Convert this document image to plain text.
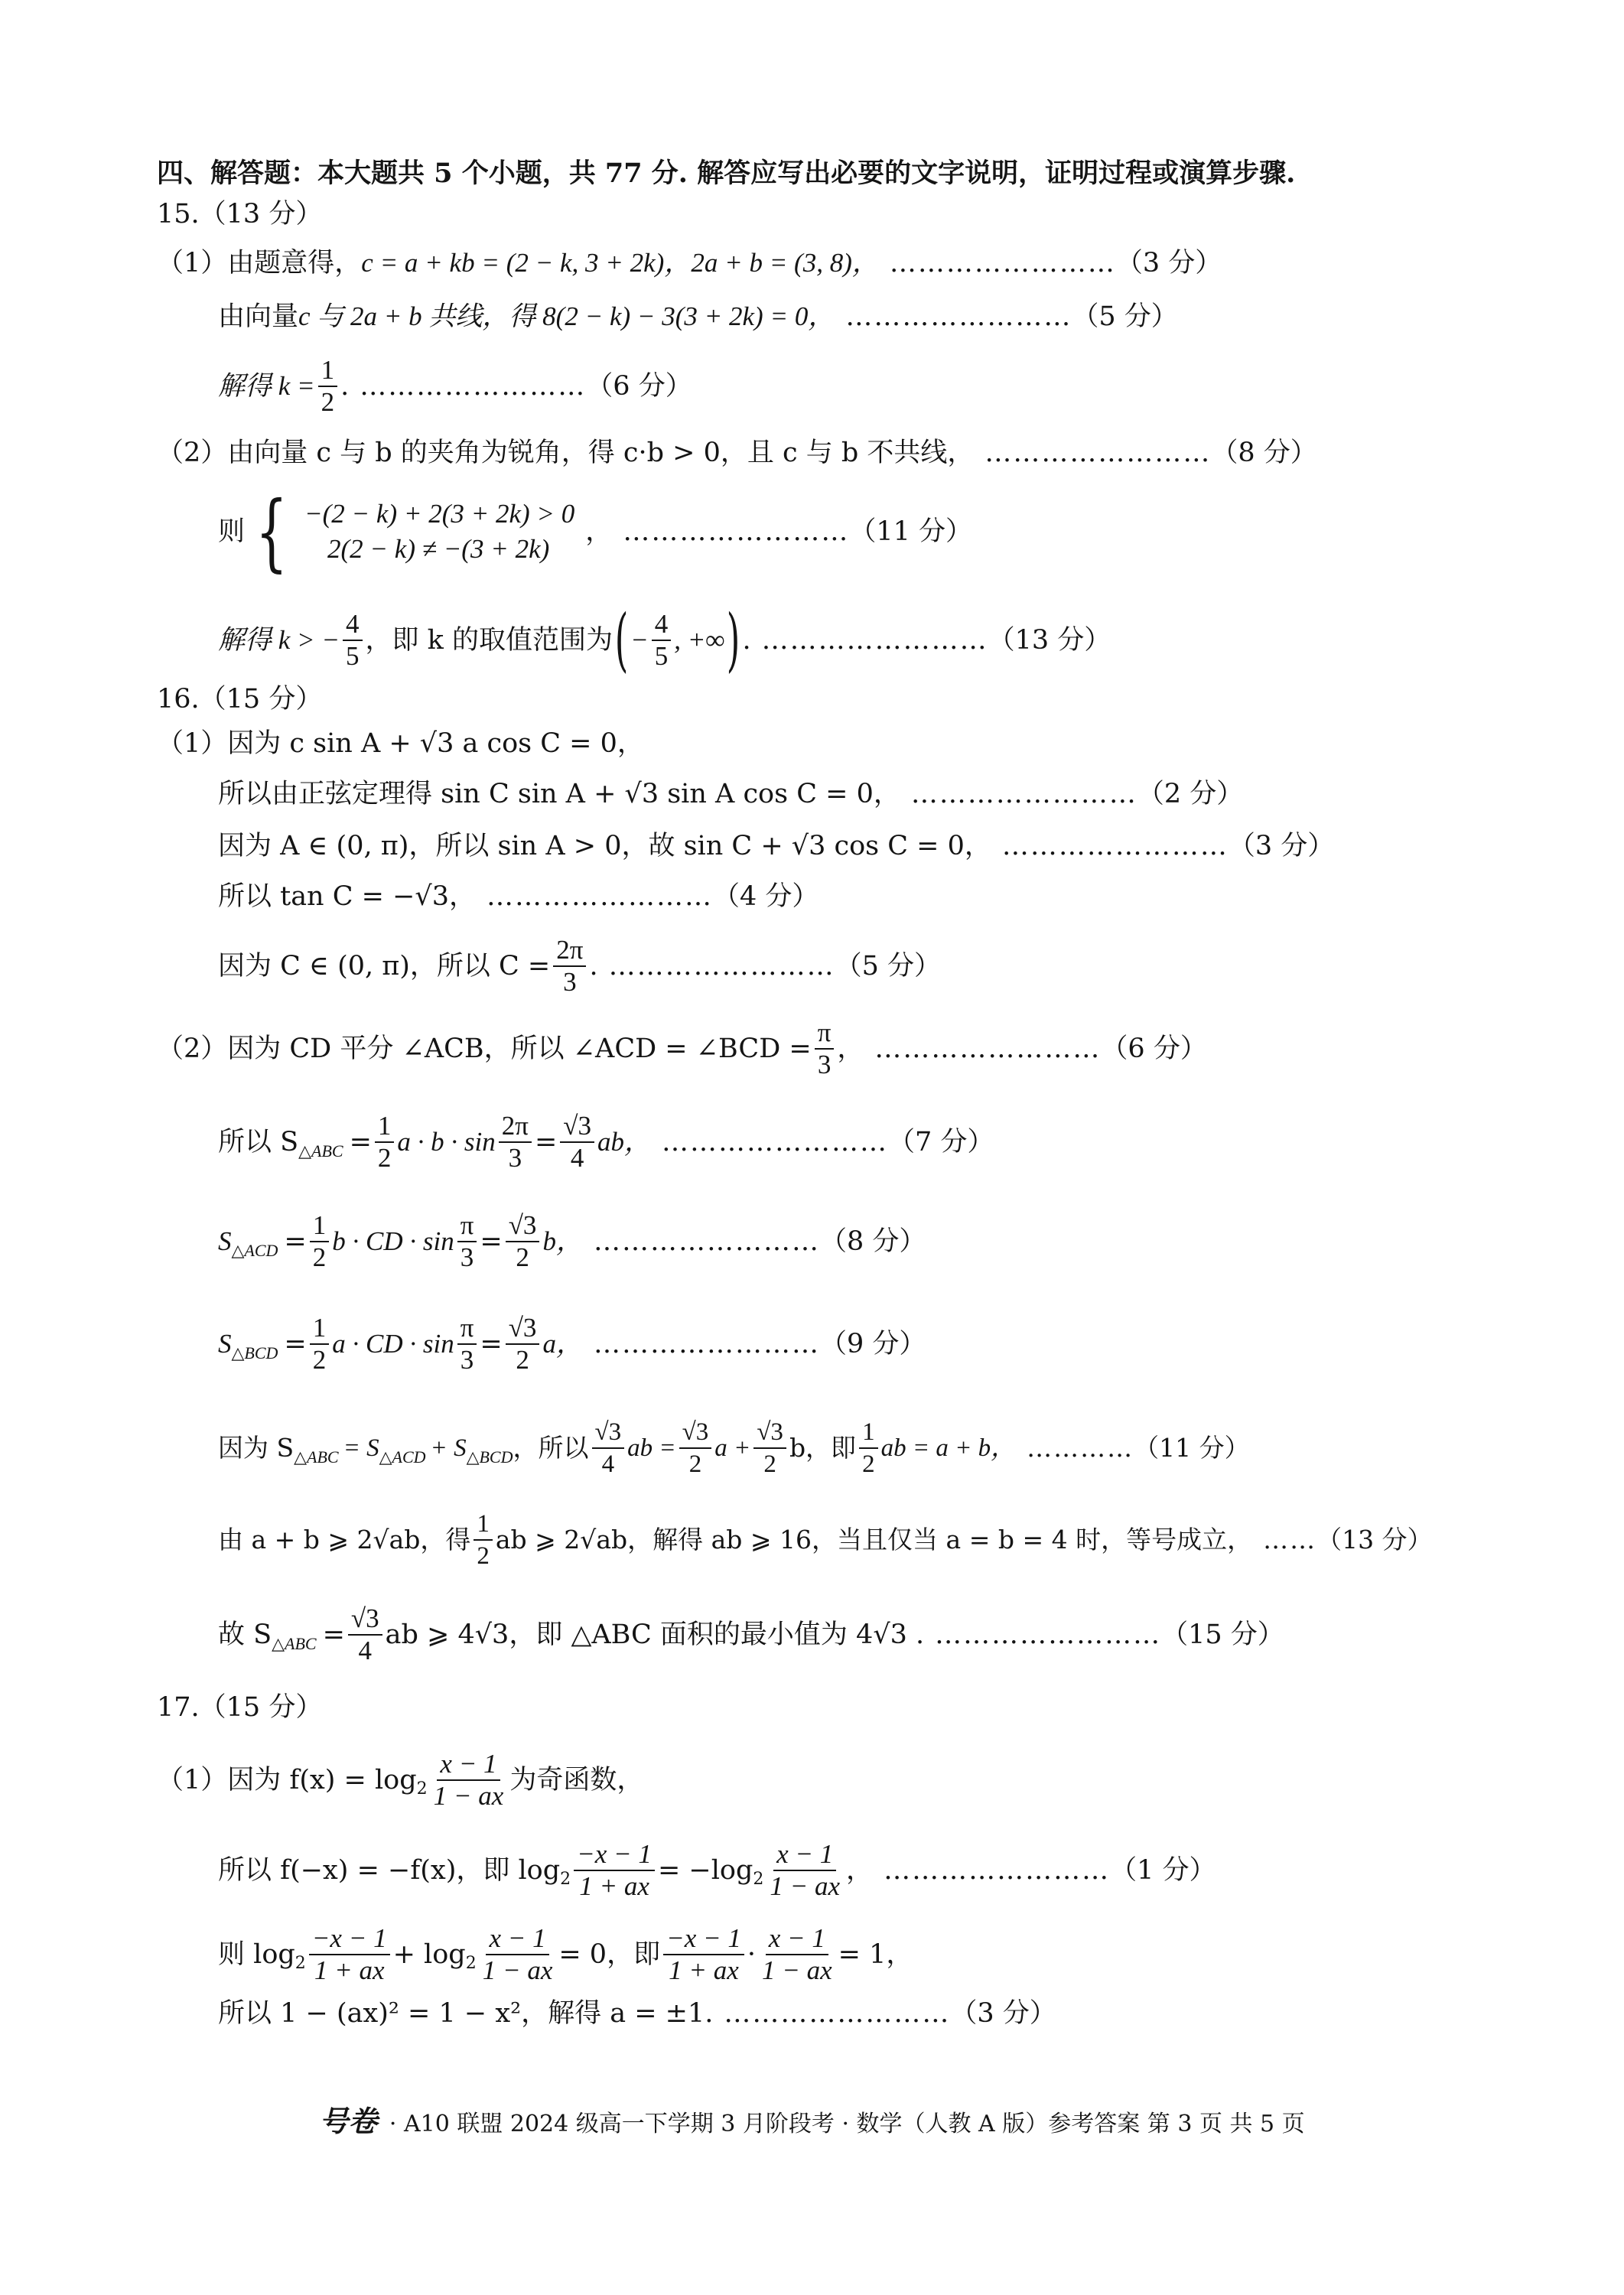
四、解答题：本大题共 5 个小题，共 77 分. 解答应写出必要的文字说明，证明过程或演算步骤.
15.（13 分）
（1）由题意得， c = a + kb = (2 − k, 3 + 2k)，2a + b = (3, 8)， …………………… （3 分）
由向量 c 与 2a + b 共线，得 8(2 − k) − 3(3 + 2k) = 0， …………………… （5 分）
解得 $k = \frac{1}{2}$ . …………………… （6 分）
（2）由向量 c 与 b 的夹角为锐角，得 c·b > 0，且 c 与 b 不共线， …………………… （8 分）
则 { −(2 − k) + 2(3 + 2k) > 0
2(2 − k) ≠ −(3 + 2k)
， …………………… （11 分）
解得 k > − $\frac{4}{5}$ ，即 k 的取值范围为 ( − $\frac{4}{5}$ , +∞ ) . …………………… （13 分）
16.（15 分）
（1）因为 c sin A + √3 a cos C = 0，
所以由正弦定理得 sin C sin A + √3 sin A cos C = 0， …………………… （2 分）
因为 A ∈ (0, π)，所以 sin A > 0，故 sin C + √3 cos C = 0， …………………… （3 分）
所以 tan C = −√3， …………………… （4 分）
因为 C ∈ (0, π)，所以 $C = \frac{2\pi}{3}$ . …………………… （5 分）
（2）因为 CD 平分 ∠ACB，所以 ∠ACD = ∠BCD = $\frac{\pi}{3}$ ， …………………… （6 分）
所以 S △ABC = $\frac{1}{2}$ $a \cdot b \cdot \sin \frac{2\pi}{3} = \frac{√3}{4}$ ab， …………………… （7 分）
S △ACD = $\frac{1}{2}$ b · CD · $\sin \frac{\pi}{3} = \frac{√3}{2}$ b， …………………… （8 分）
S △BCD = $\frac{1}{2}$ a · CD · $\sin \frac{\pi}{3} = \frac{√3}{2}$ a， …………………… （9 分）
因为 S △ABC = S △ACD + S △BCD ，所以 $\frac{√3}{4}$ ab = $\frac{√3}{2}$ $a + \frac{√3}{2}$ b，即 $\frac{1}{2}$ ab = a + b， ………… （11 分）
由 a + b ⩾ 2√ab，得 $\frac{1}{2}$ ab ⩾ 2√ab，解得 ab ⩾ 16，当且仅当 a = b = 4 时，等号成立， …… （13 分）
故 S △ABC = $\frac{√3}{4}$ ab ⩾ 4√3，即 △ABC 面积的最小值为 4√3 . …………………… （15 分）
17.（15 分）
（1）因为 $f(x) = \log 2 \frac{x - 1}{1 - ax}$ 为奇函数，
所以 f(−x) = −f(x)，即 $\log 2 \frac{-x - 1}{1 + ax} = -\log$ $2 \frac{x - 1}{1 - ax}$ ， …………………… （1 分）
则 $\log 2 \frac{-x - 1}{1 + ax} + \log 2 \frac{x - 1}{1 - ax} = 0$，即 $\frac{-x - 1}{1 + ax} \cdot \frac{x - 1}{1 - ax} = 1$，
所以 1 − (ax)² = 1 − x²，解得 a = ±1. …………………… （3 分）
号卷 · A10 联盟 2024 级高一下学期 3 月阶段考 · 数学（人教 A 版）参考答案 第 3 页 共 5 页
